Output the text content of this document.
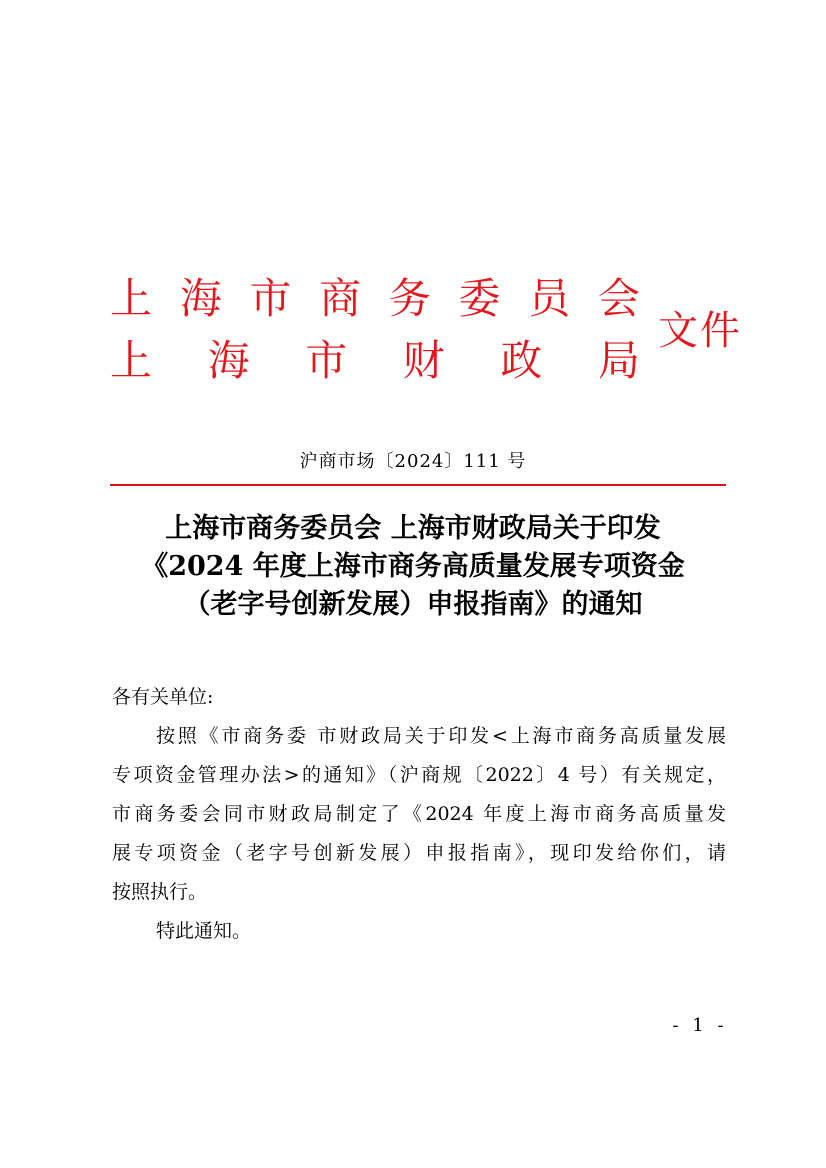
上 海 市 商 务 委 员 会
上 海 市 财 政 局
文件
沪商市场〔2024〕111 号
上海市商务委员会 上海市财政局关于印发
《2024 年度上海市商务高质量发展专项资金
（老字号创新发展）申报指南》的通知
各有关单位:
按照《市商务委 市财政局关于印发<上海市商务高质量发展
专项资金管理办法>的通知》（沪商规〔2022〕4 号）有关规定，
市商务委会同市财政局制定了《2024 年度上海市商务高质量发
展专项资金（老字号创新发展）申报指南》，现印发给你们，请
按照执行。
特此通知。
- 1 -
